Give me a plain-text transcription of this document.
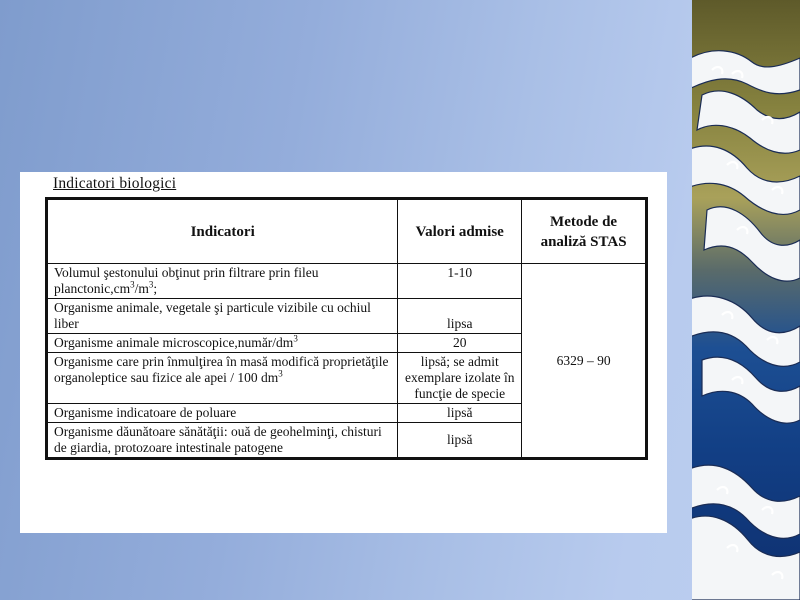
Indicatori biologici
Indicatori	Valori admise	Metode de analiză STAS
Volumul şestonului obţinut prin filtrare prin fileu $planctonic,cm^3/m^3$;	1-10	6329 – 90
Organisme animale, vegetale şi particule vizibile cu ochiul liber	lipsa	
Organisme animale $microscopice,număr/dm^3$	20	
Organisme care prin înmulţirea în masă modifică proprietăţile organoleptice sau fizice ale apei / 100 $dm^3$	lipsă; se admit exemplare izolate în funcţie de specie	
Organisme indicatoare de poluare	lipsă	
Organisme dăunătoare sănătăţii: ouă de geohelminţi, chisturi de giardia, protozoare intestinale patogene	lipsă	
